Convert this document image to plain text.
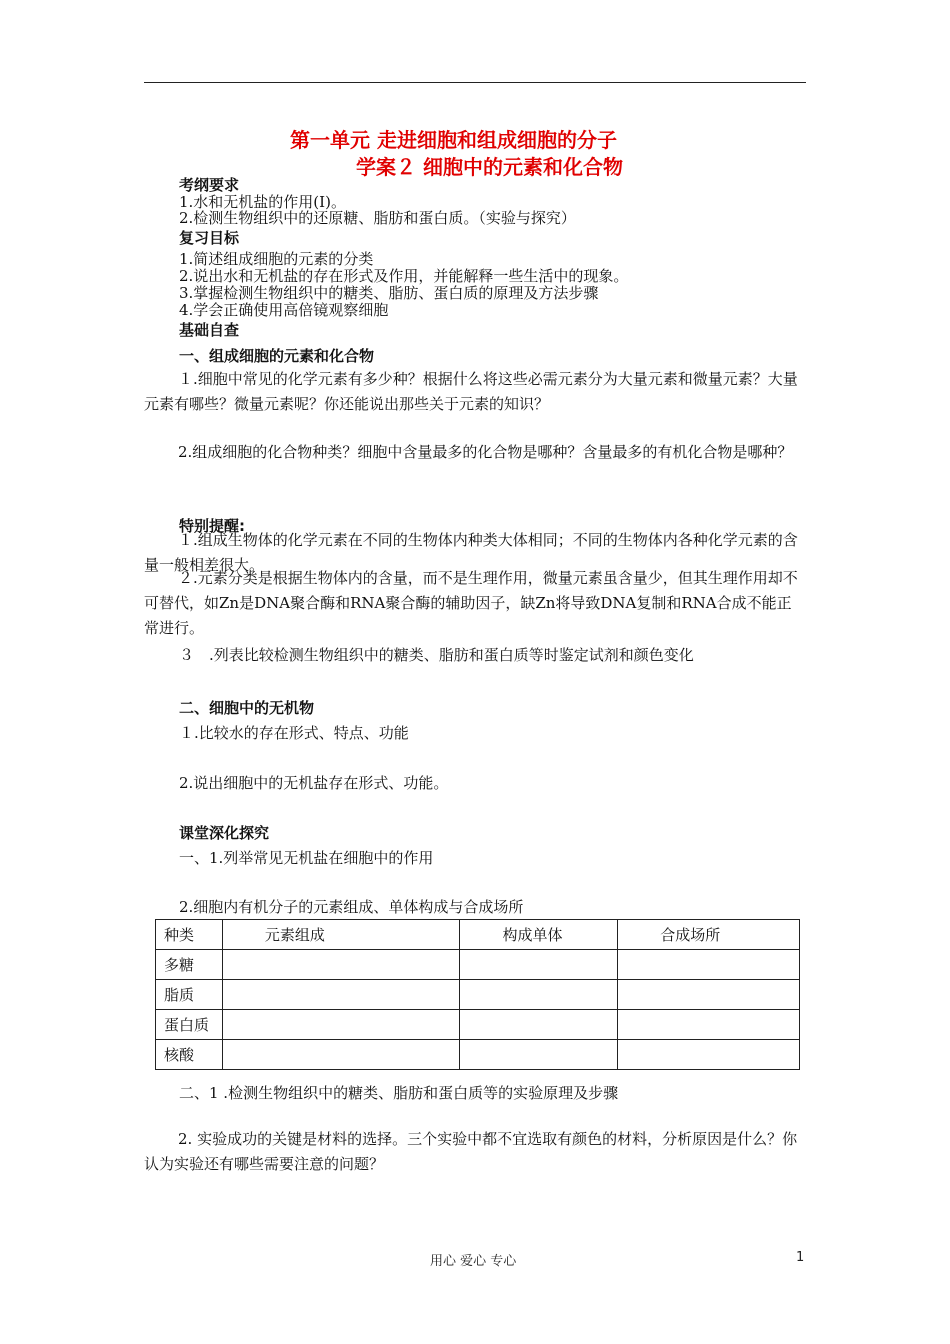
第一单元 走进细胞和组成细胞的分子
学案２ 细胞中的元素和化合物
考纲要求
1.水和无机盐的作用(Ⅰ)。
2.检测生物组织中的还原糖、脂肪和蛋白质。（实验与探究）
复习目标
1.简述组成细胞的元素的分类
2.说出水和无机盐的存在形式及作用，并能解释一些生活中的现象。
3.掌握检测生物组织中的糖类、脂肪、蛋白质的原理及方法步骤
4.学会正确使用高倍镜观察细胞
基础自查
一、组成细胞的元素和化合物
１.细胞中常见的化学元素有多少种？根据什么将这些必需元素分为大量元素和微量元素？大量元素有哪些？微量元素呢？你还能说出那些关于元素的知识？
2.组成细胞的化合物种类？细胞中含量最多的化合物是哪种？含量最多的有机化合物是哪种？
特别提醒:
１.组成生物体的化学元素在不同的生物体内种类大体相同；不同的生物体内各种化学元素的含量一般相差很大。
２.元素分类是根据生物体内的含量，而不是生理作用，微量元素虽含量少，但其生理作用却不可替代，如Zn是DNA聚合酶和RNA聚合酶的辅助因子，缺Zn将导致DNA复制和RNA合成不能正常进行。
３　.列表比较检测生物组织中的糖类、脂肪和蛋白质等时鉴定试剂和颜色变化
二、细胞中的无机物
１.比较水的存在形式、特点、功能
2.说出细胞中的无机盐存在形式、功能。
课堂深化探究
一、1.列举常见无机盐在细胞中的作用
2.细胞内有机分子的元素组成、单体构成与合成场所
种类	元素组成	构成单体	合成场所
多糖			
脂质			
蛋白质			
核酸			
二、1 .检测生物组织中的糖类、脂肪和蛋白质等的实验原理及步骤
2. 实验成功的关键是材料的选择。三个实验中都不宜选取有颜色的材料，分析原因是什么？你认为实验还有哪些需要注意的问题？
用心 爱心 专心	1
